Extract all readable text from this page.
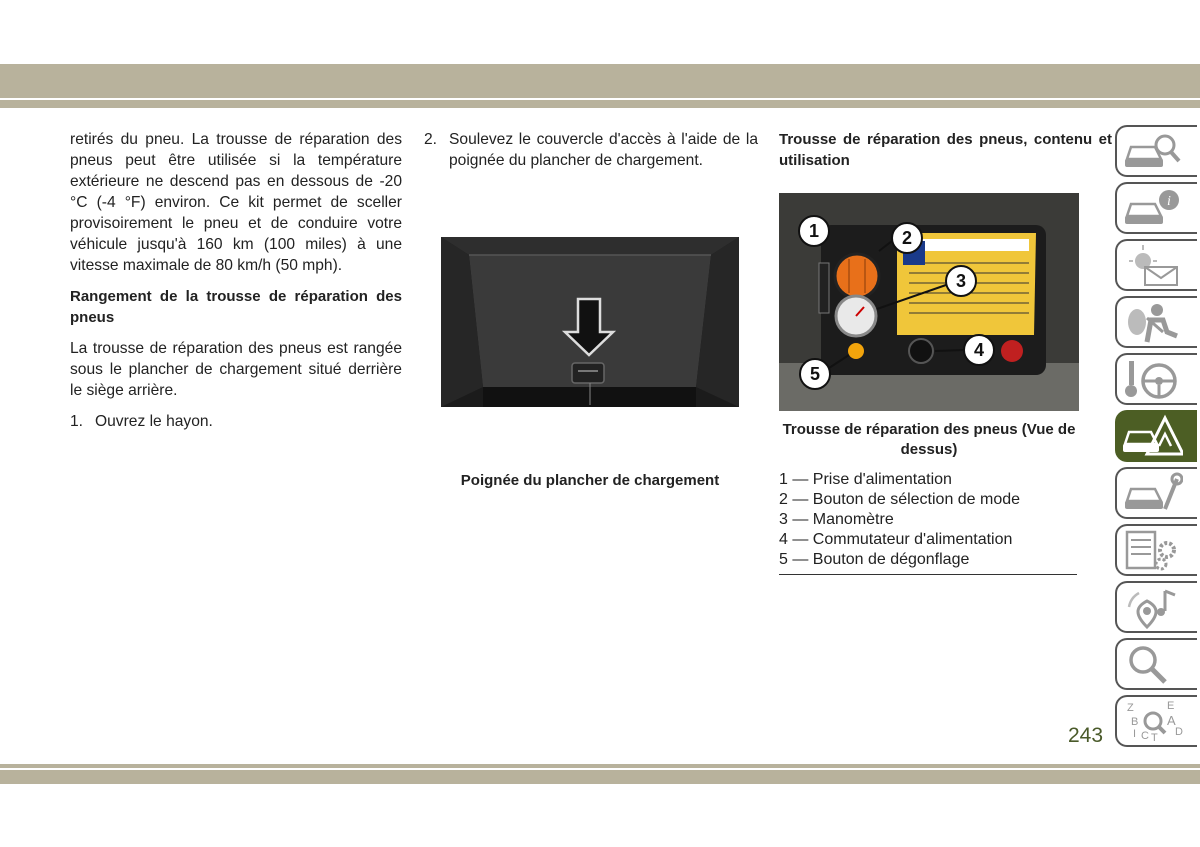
retirés du pneu. La trousse de réparation des pneus peut être utilisée si la température extérieure ne descend pas en dessous de -20 °C (-4 °F) environ. Ce kit permet de sceller provisoirement le pneu et de conduire votre véhicule jusqu'à 160 km (100 miles) à une vitesse maximale de 80 km/h (50 mph).

Rangement de la trousse de réparation des pneus

La trousse de réparation des pneus est rangée sous le plancher de chargement situé derrière le siège arrière.

1. Ouvrez le hayon.
2. Soulevez le couvercle d'accès à l'aide de la poignée du plancher de chargement.
Poignée du plancher de chargement

Trousse de réparation des pneus, contenu et utilisation

1	2
3
4
5
Trousse de réparation des pneus (Vue de dessus)
1 — Prise d'alimentation
2 — Bouton de sélection de mode
3 — Manomètre
4 — Commutateur d'alimentation
5 — Bouton de dégonflage
i
Z	E
B A
C D
T
I
243
